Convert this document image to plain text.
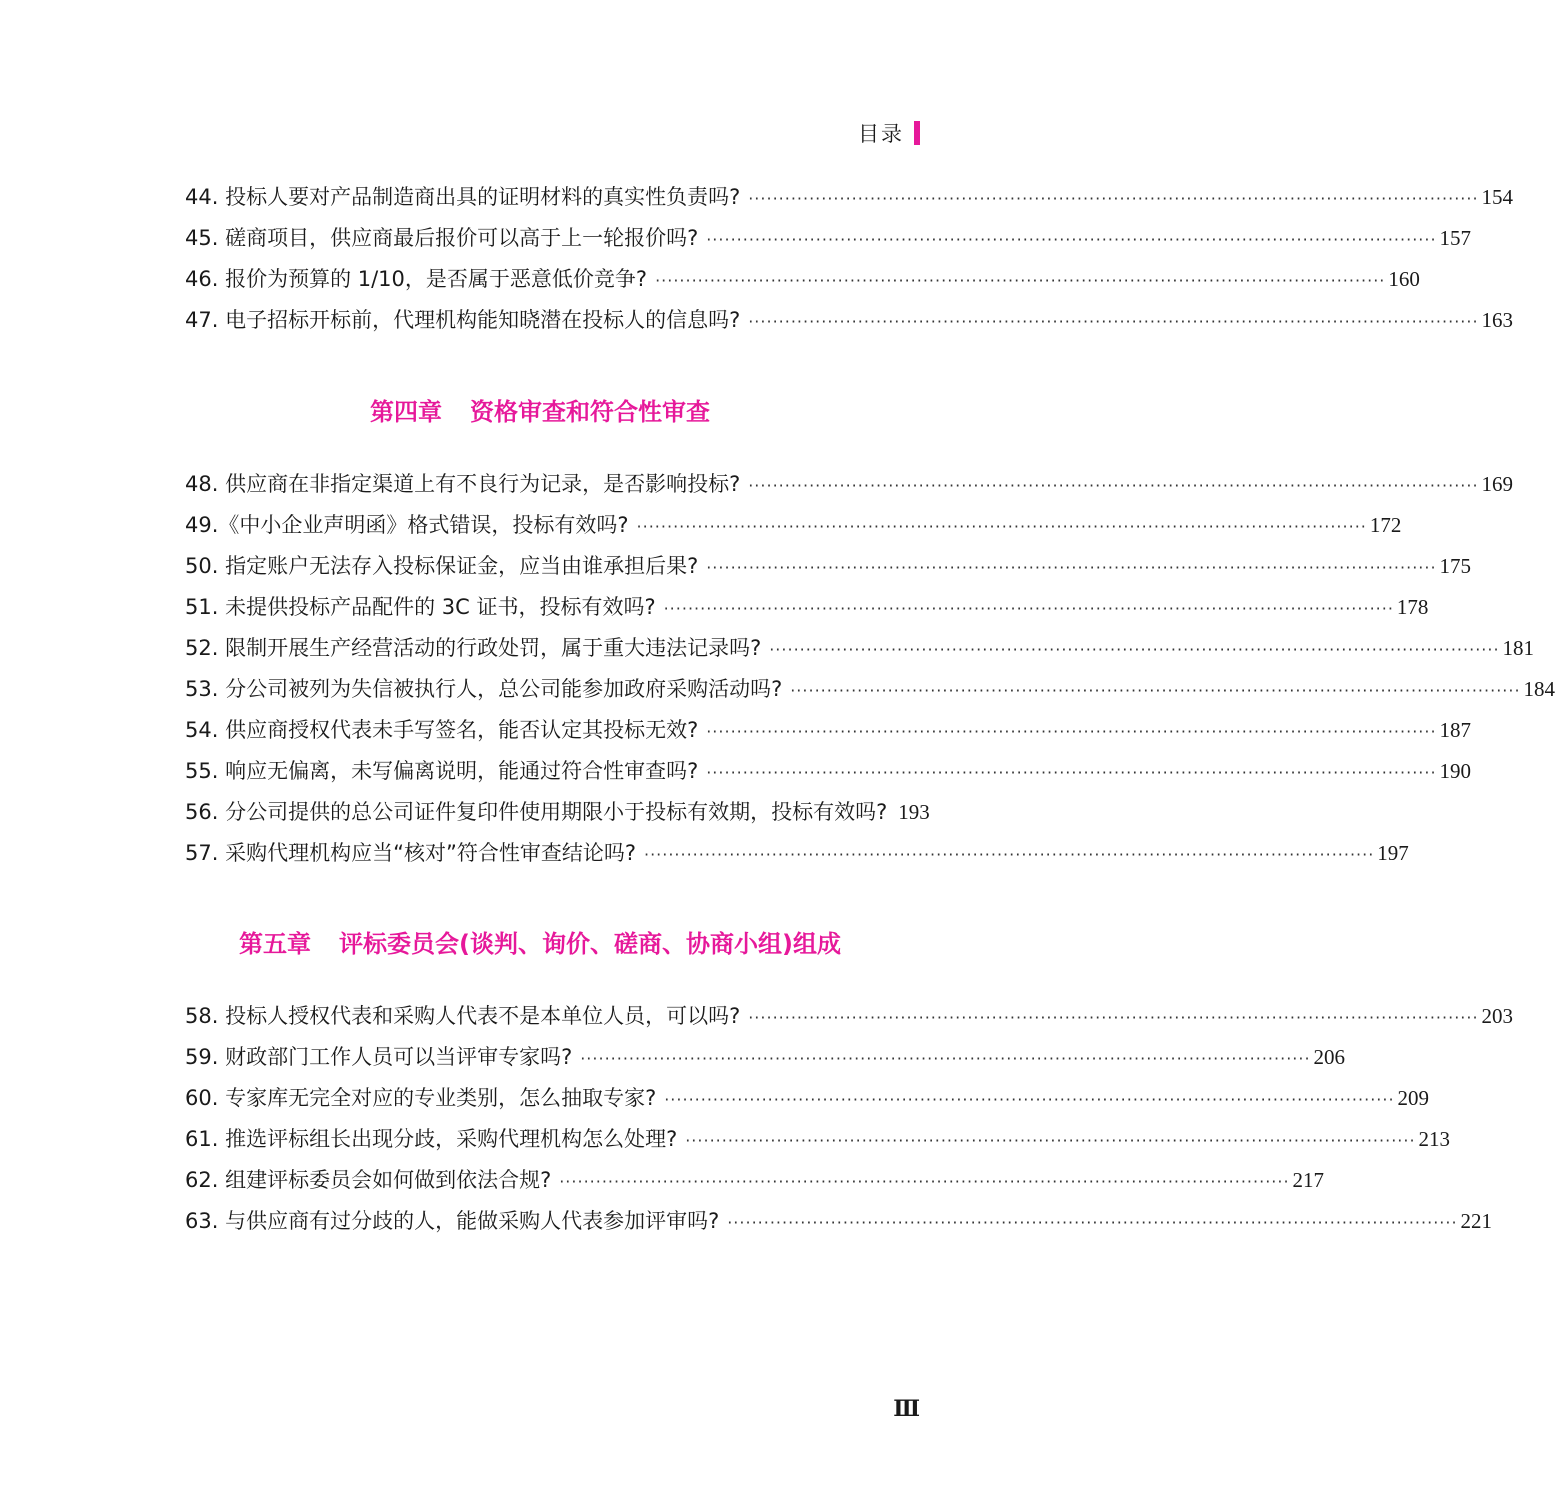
目录
44. 投标人要对产品制造商出具的证明材料的真实性负责吗? ························································································································ 154
45. 磋商项目，供应商最后报价可以高于上一轮报价吗? ························································································································ 157
46. 报价为预算的 1/10，是否属于恶意低价竞争? ························································································································ 160
47. 电子招标开标前，代理机构能知晓潜在投标人的信息吗? ························································································································ 163
第四章 资格审查和符合性审查
48. 供应商在非指定渠道上有不良行为记录，是否影响投标? ························································································································ 169
49.《中小企业声明函》格式错误，投标有效吗? ························································································································ 172
50. 指定账户无法存入投标保证金，应当由谁承担后果? ························································································································ 175
51. 未提供投标产品配件的 3C 证书，投标有效吗? ························································································································ 178
52. 限制开展生产经营活动的行政处罚，属于重大违法记录吗? ························································································································ 181
53. 分公司被列为失信被执行人，总公司能参加政府采购活动吗? ························································································································ 184
54. 供应商授权代表未手写签名，能否认定其投标无效? ························································································································ 187
55. 响应无偏离，未写偏离说明，能通过符合性审查吗? ························································································································ 190
56. 分公司提供的总公司证件复印件使用期限小于投标有效期，投标有效吗? 193
57. 采购代理机构应当“核对”符合性审查结论吗? ························································································································ 197
第五章 评标委员会(谈判、询价、磋商、协商小组)组成
58. 投标人授权代表和采购人代表不是本单位人员，可以吗? ························································································································ 203
59. 财政部门工作人员可以当评审专家吗? ························································································································ 206
60. 专家库无完全对应的专业类别，怎么抽取专家? ························································································································ 209
61. 推选评标组长出现分歧，采购代理机构怎么处理? ························································································································ 213
62. 组建评标委员会如何做到依法合规? ························································································································ 217
63. 与供应商有过分歧的人，能做采购人代表参加评审吗? ························································································································ 221
Ⅲ
